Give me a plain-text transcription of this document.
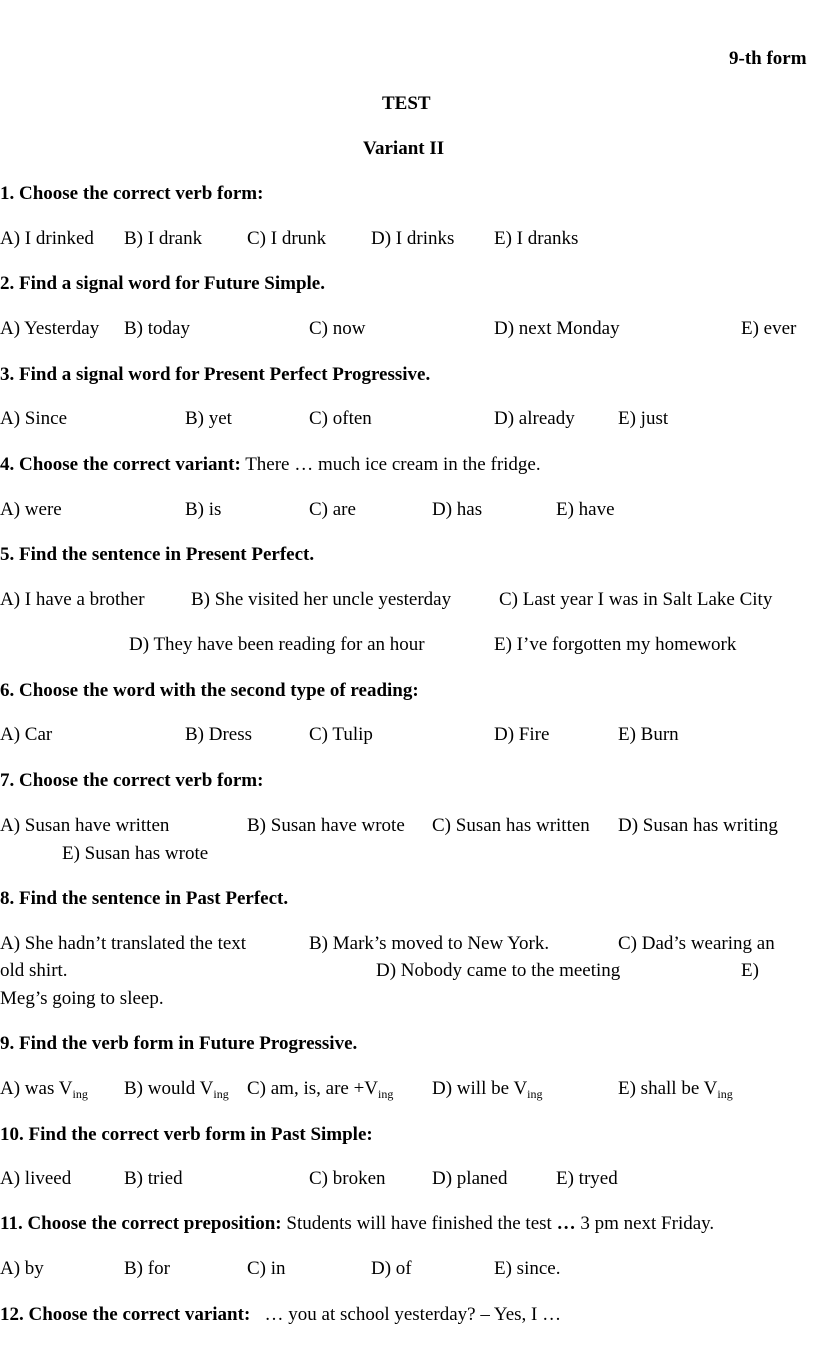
9-th form
TEST
Variant II
1. Choose the correct verb form:
A) I drinked B) I drank C) I drunk D) I drinks E) I dranks
2. Find a signal word for Future Simple.
A) Yesterday B) today	C) now	D) next Monday	E) ever
3. Find a signal word for Present Perfect Progressive.
A) Since	B) yet	C) often	D) already E) just
4. Choose the correct variant: There … much ice cream in the fridge.
A) were	B) is	C) are	D) has	E) have
5. Find the sentence in Present Perfect.
A) I have a brother B) She visited her uncle yesterday	C) Last year I was in Salt Lake City
D) They have been reading for an hour	E) I’ve forgotten my homework
6. Choose the word with the second type of reading:
A) Car	B) Dress	C) Tulip	D) Fire	E) Burn
7. Choose the correct verb form:
A) Susan have written	B) Susan have wrote C) Susan has written D) Susan has writing
E) Susan has wrote
8. Find the sentence in Past Perfect.
A) She hadn’t translated the text	B) Mark’s moved to New York.	C) Dad’s wearing an
old shirt.	D) Nobody came to the meeting	E)
Meg’s going to sleep.
9. Find the verb form in Future Progressive.
A) was $V_{ing}$ B) would $V_{ing}$ C) am, is, are $+V_{ing}$ D) will be $V_{ing}$	E) shall be $V_{ing}$
10. Find the correct verb form in Past Simple:
A) liveed	B) tried	C) broken D) planed	E) tryed
11. Choose the correct preposition: Students will have finished the test … 3 pm next Friday.
A) by	B) for	C) in	D) of	E) since.
12. Choose the correct variant:   … you at school yesterday? – Yes, I …
